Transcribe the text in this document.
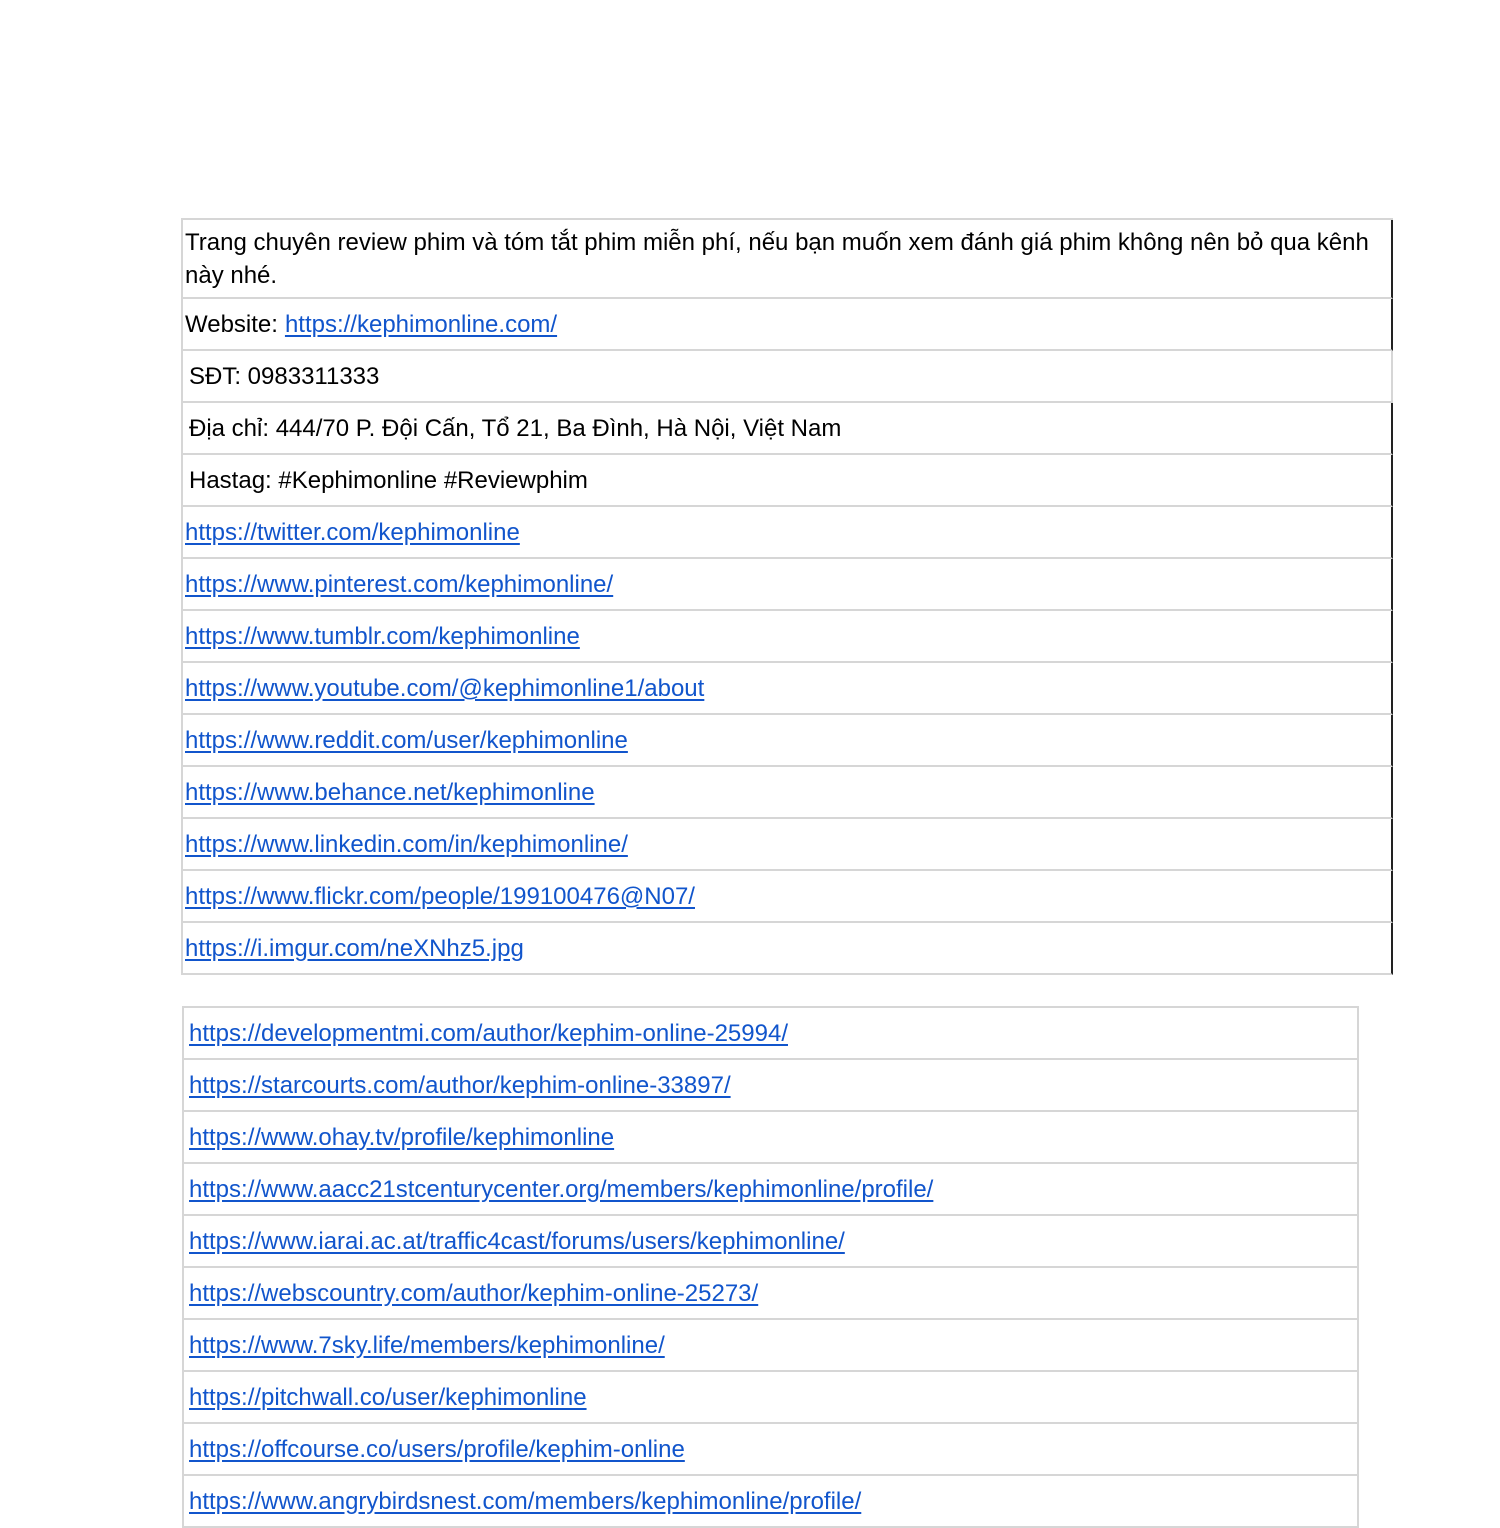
Trang chuyên review phim và tóm tắt phim miễn phí, nếu bạn muốn xem đánh giá phim không nên bỏ qua kênh này nhé.
Website: https://kephimonline.com/
SĐT: 0983311333
Địa chỉ: 444/70 P. Đội Cấn, Tổ 21, Ba Đình, Hà Nội, Việt Nam
Hastag: #Kephimonline #Reviewphim
https://twitter.com/kephimonline
https://www.pinterest.com/kephimonline/
https://www.tumblr.com/kephimonline
https://www.youtube.com/@kephimonline1/about
https://www.reddit.com/user/kephimonline
https://www.behance.net/kephimonline
https://www.linkedin.com/in/kephimonline/
https://www.flickr.com/people/199100476@N07/
https://i.imgur.com/neXNhz5.jpg
https://developmentmi.com/author/kephim-online-25994/
https://starcourts.com/author/kephim-online-33897/
https://www.ohay.tv/profile/kephimonline
https://www.aacc21stcenturycenter.org/members/kephimonline/profile/
https://www.iarai.ac.at/traffic4cast/forums/users/kephimonline/
https://webscountry.com/author/kephim-online-25273/
https://www.7sky.life/members/kephimonline/
https://pitchwall.co/user/kephimonline
https://offcourse.co/users/profile/kephim-online
https://www.angrybirdsnest.com/members/kephimonline/profile/
